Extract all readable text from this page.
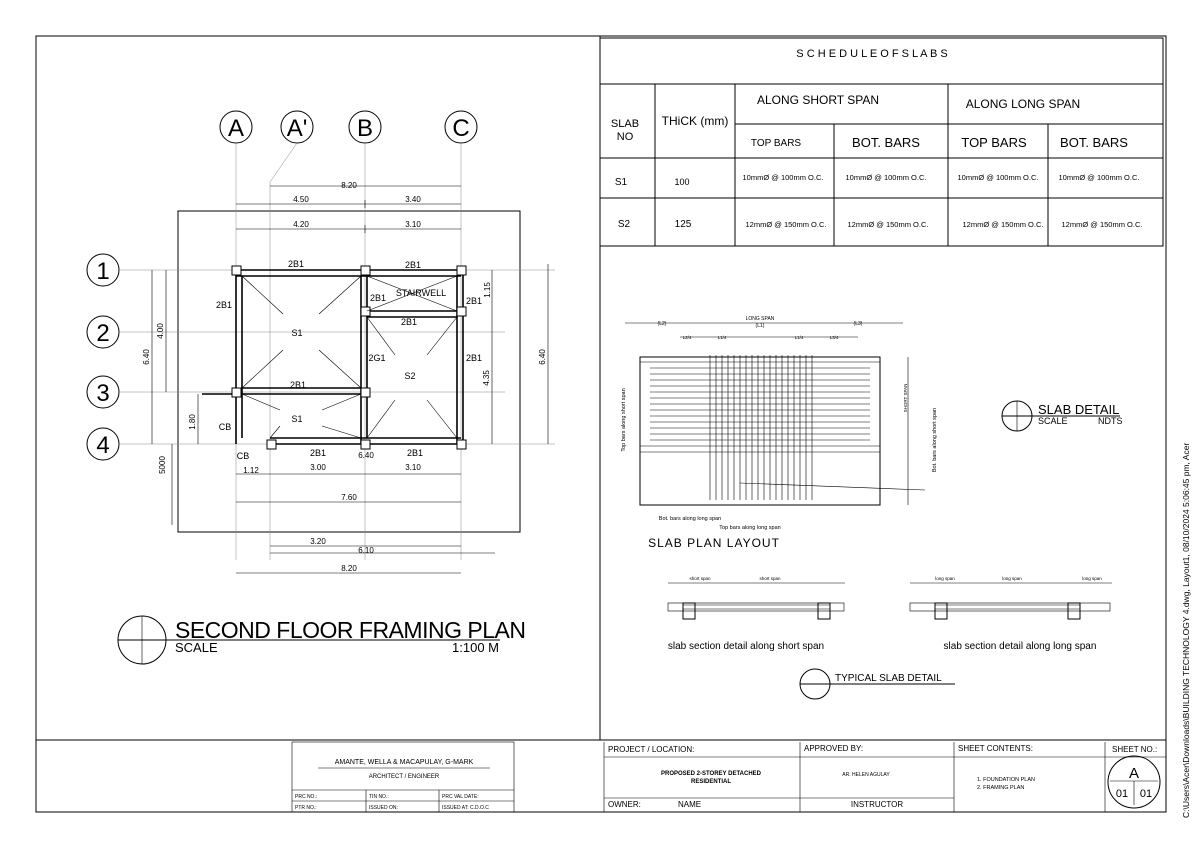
A A' B	C
1
2
3
4
8.20
4.50	3.40
4.20	3.10
1.12	3.00	3.10
7.60
3.20
6.10
8.20
6.40
6.40
4.00
1.80
5000
1.15
4.35
6.40
2B1	2B1
2B1
2B1	2B1
2B1
2B1
2B1
2B1	2B1
2G1
S1
S1
S2
CB
CB
STAIRWELL
SECOND FLOOR FRAMING PLAN
SCALE	1:100 M
S C H E D U L E O F S L A B S
SLAB
NO
THiCK (mm)
ALONG SHORT SPAN	ALONG LONG SPAN
TOP BARS	BOT. BARS	TOP BARS	BOT. BARS
S1	100	10mmØ @ 100mm O.C.	10mmØ @ 100mm O.C.	10mmØ @ 100mm O.C.	10mmØ @ 100mm O.C.
S2	125	12mmØ @ 150mm O.C.	12mmØ @ 150mm O.C.	12mmØ @ 150mm O.C. 12mmØ @ 150mm O.C.
(L2)
LONG SPAN
(L1)	(L3)
L2/4	L1/4	L1/4	L3/4
SHORT SPAN
Top bars along short span	Bot. bars along short span
Bot. bars along long span
Top bars along long span
SLAB PLAN LAYOUT
SLAB DETAIL
SCALE	NDTS
short span	short span
slab section detail along short span
long span	long span	long span
slab section detail along long span
TYPICAL SLAB DETAIL
AMANTE, WELLA & MACAPULAY, G-MARK
ARCHITECT / ENGINEER
PRC NO.:	TIN NO.:	PRC VAL DATE:
PTR NO.:	ISSUED ON:	ISSUED AT: C.D.O.C
PROJECT / LOCATION:
PROPOSED 2-STOREY DETACHED
RESIDENTIAL
OWNER:	NAME
APPROVED BY:
AR. HELEN AGULAY
INSTRUCTOR
SHEET CONTENTS:
1. FOUNDATION PLAN
2. FRAMING PLAN
SHEET NO.:
A
01 01	C:\Users\Acer\Downloads\BUILDING TECHNOLOGY 4.dwg, Layout1, 08/10/2024 5:06:45 pm, Acer
